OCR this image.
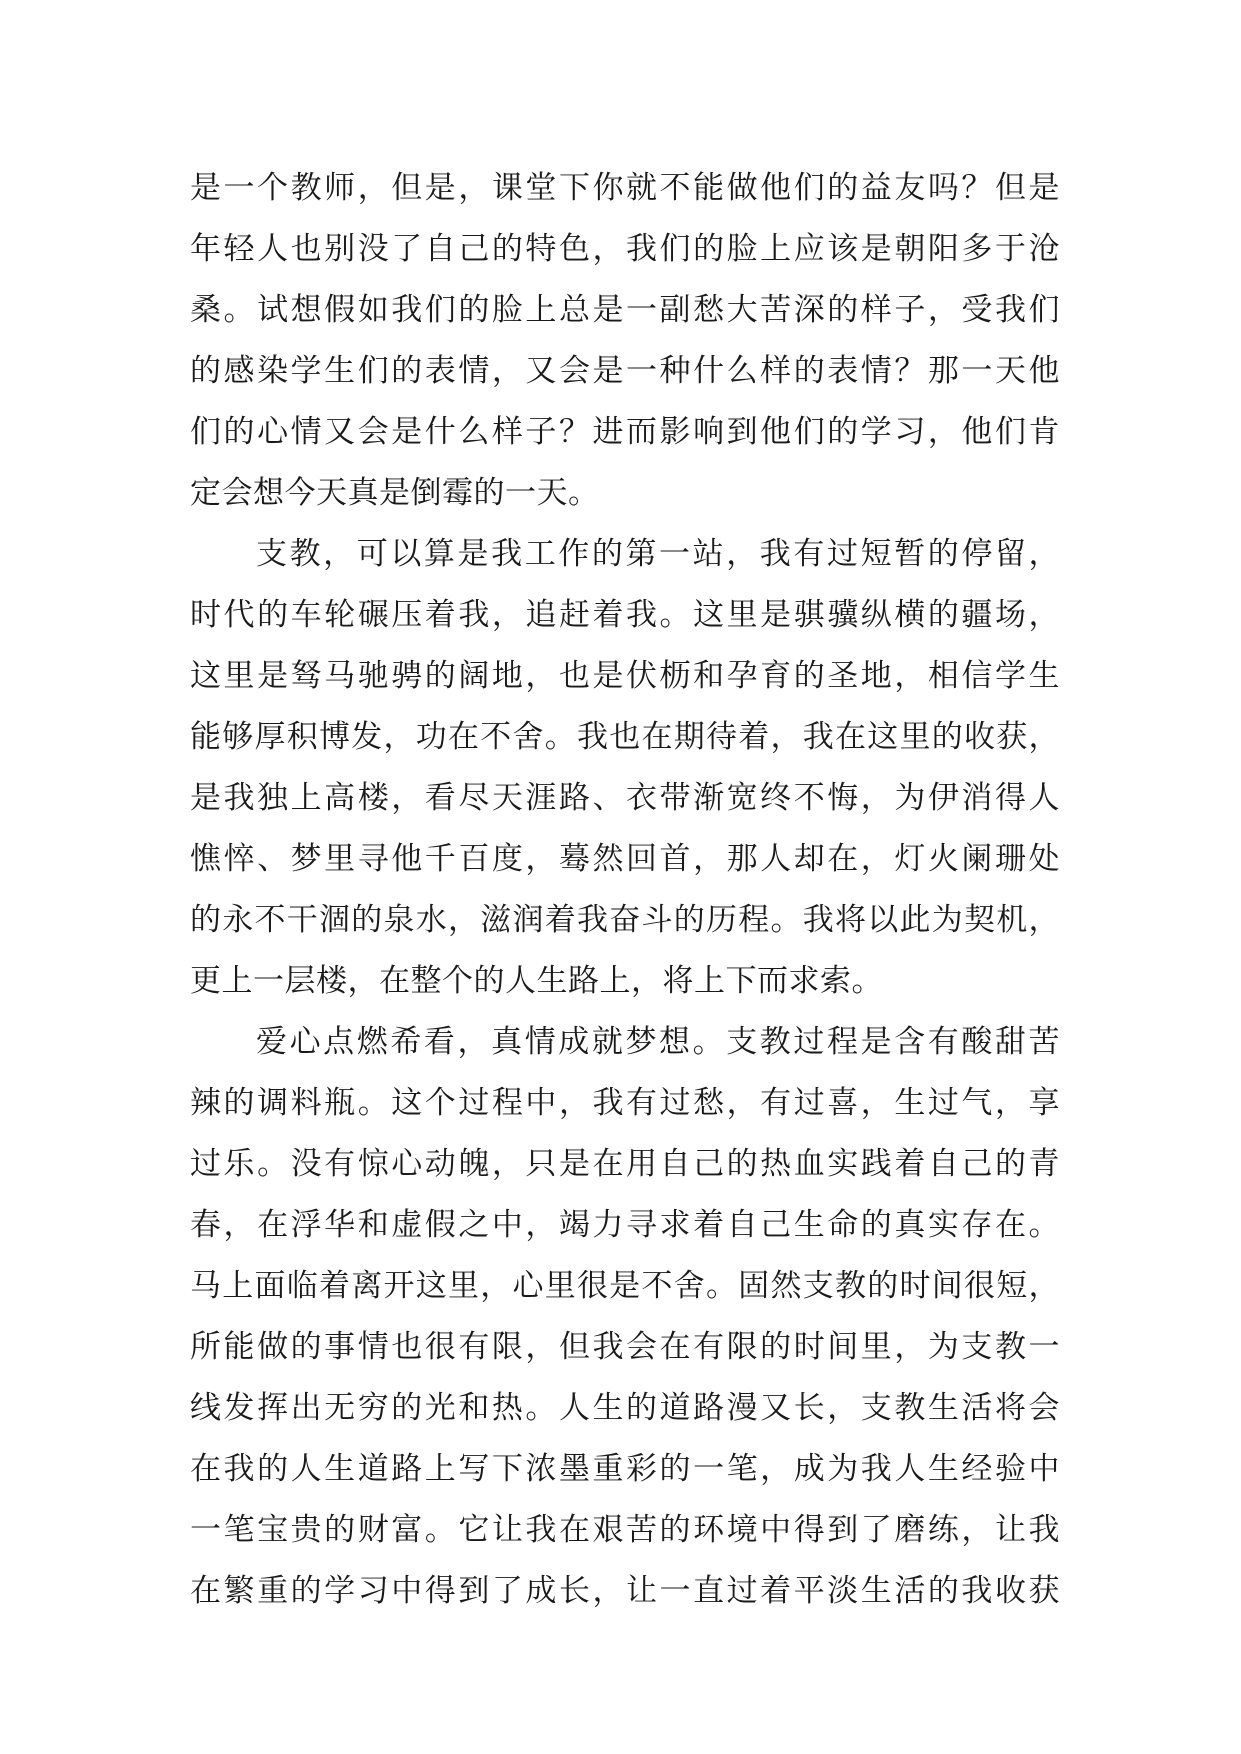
是一个教师，但是，课堂下你就不能做他们的益友吗？但是
年轻人也别没了自己的特色，我们的脸上应该是朝阳多于沧
桑。试想假如我们的脸上总是一副愁大苦深的样子，受我们
的感染学生们的表情，又会是一种什么样的表情？那一天他
们的心情又会是什么样子？进而影响到他们的学习，他们肯
定会想今天真是倒霉的一天。
支教，可以算是我工作的第一站，我有过短暂的停留，
时代的车轮碾压着我，追赶着我。这里是骐骥纵横的疆场，
这里是驽马驰骋的阔地，也是伏枥和孕育的圣地，相信学生
能够厚积博发，功在不舍。我也在期待着，我在这里的收获，
是我独上高楼，看尽天涯路、衣带渐宽终不悔，为伊消得人
憔悴、梦里寻他千百度，蓦然回首，那人却在，灯火阑珊处
的永不干涸的泉水，滋润着我奋斗的历程。我将以此为契机，
更上一层楼，在整个的人生路上，将上下而求索。
爱心点燃希看，真情成就梦想。支教过程是含有酸甜苦
辣的调料瓶。这个过程中，我有过愁，有过喜，生过气，享
过乐。没有惊心动魄，只是在用自己的热血实践着自己的青
春，在浮华和虚假之中，竭力寻求着自己生命的真实存在。
马上面临着离开这里，心里很是不舍。固然支教的时间很短，
所能做的事情也很有限，但我会在有限的时间里，为支教一
线发挥出无穷的光和热。人生的道路漫又长，支教生活将会
在我的人生道路上写下浓墨重彩的一笔，成为我人生经验中
一笔宝贵的财富。它让我在艰苦的环境中得到了磨练，让我
在繁重的学习中得到了成长，让一直过着平淡生活的我收获
